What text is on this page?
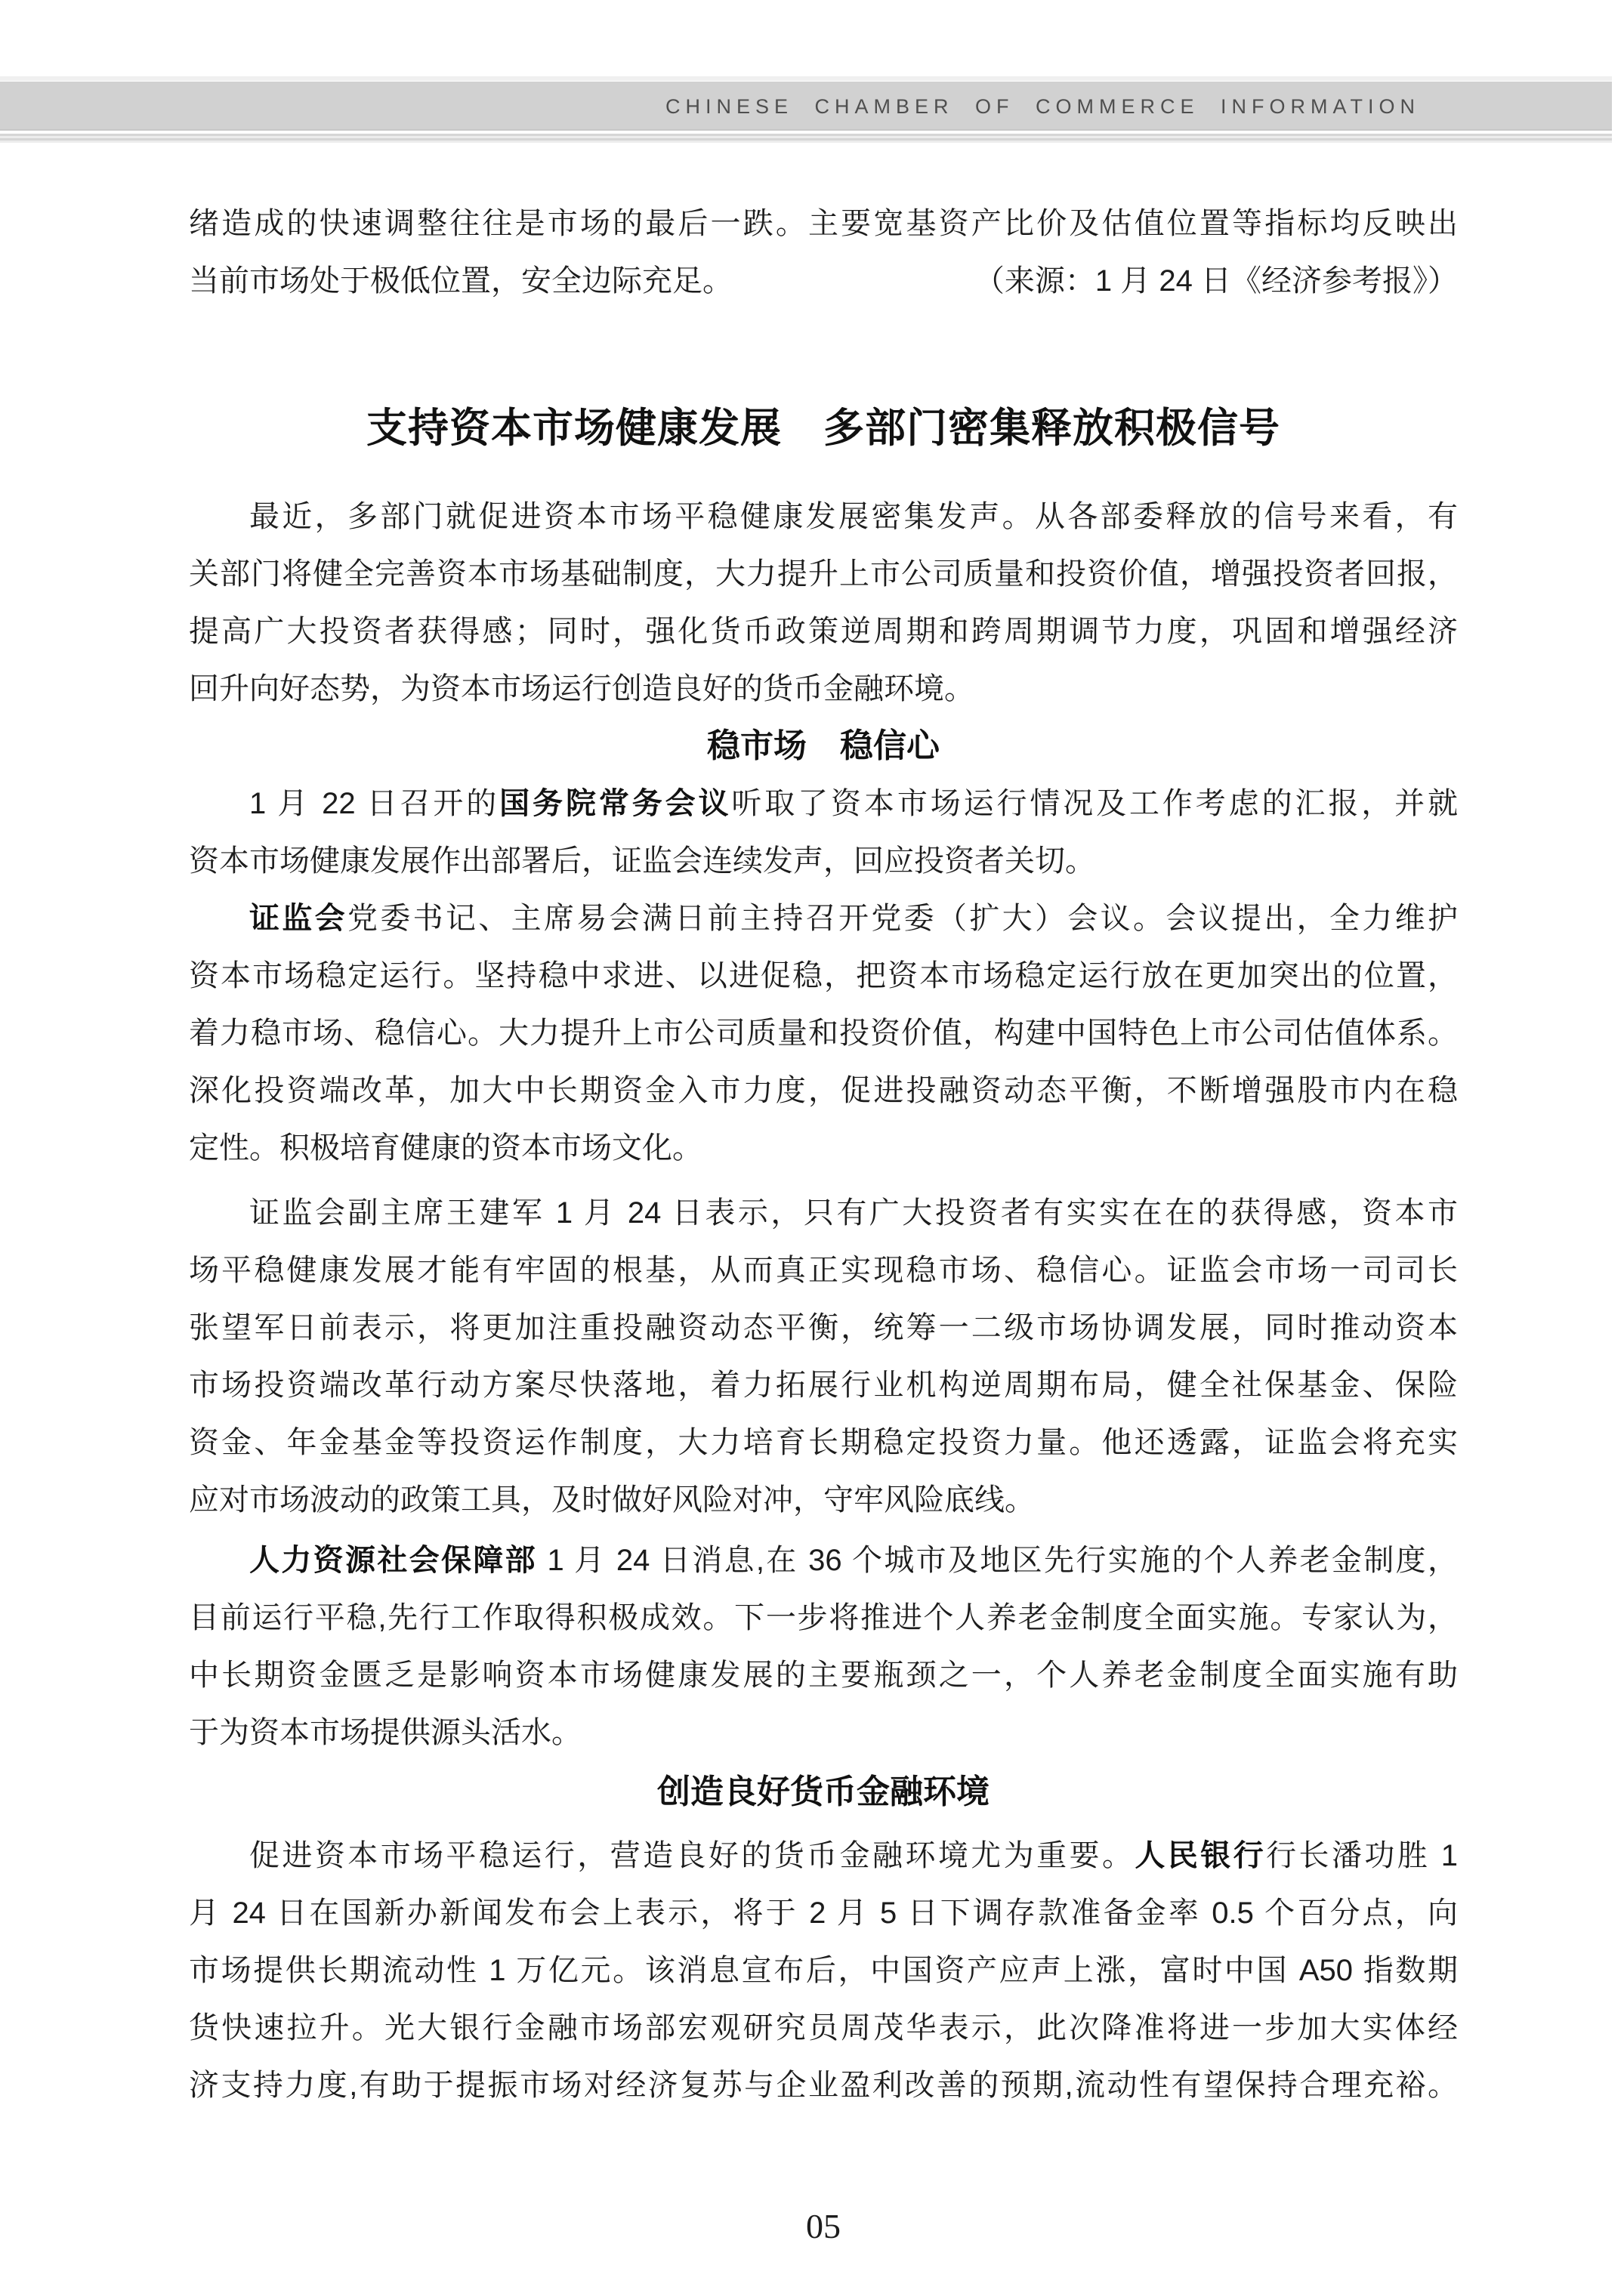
CHINESE CHAMBER OF COMMERCE INFORMATION
绪造成的快速调整往往是市场的最后一跌。主要宽基资产比价及估值位置等指标均反映出
当前市场处于极低位置，安全边际充足。	（来源：1 月 24 日《经济参考报》）
支持资本市场健康发展　多部门密集释放积极信号
最近，多部门就促进资本市场平稳健康发展密集发声。从各部委释放的信号来看，有
关部门将健全完善资本市场基础制度，大力提升上市公司质量和投资价值，增强投资者回报，
提高广大投资者获得感；同时，强化货币政策逆周期和跨周期调节力度，巩固和增强经济
回升向好态势，为资本市场运行创造良好的货币金融环境。
稳市场　稳信心
1 月 22 日召开的国务院常务会议听取了资本市场运行情况及工作考虑的汇报，并就
资本市场健康发展作出部署后，证监会连续发声，回应投资者关切。
证监会党委书记、主席易会满日前主持召开党委（扩大）会议。会议提出，全力维护
资本市场稳定运行。坚持稳中求进、以进促稳，把资本市场稳定运行放在更加突出的位置，
着力稳市场、稳信心。大力提升上市公司质量和投资价值，构建中国特色上市公司估值体系。
深化投资端改革，加大中长期资金入市力度，促进投融资动态平衡，不断增强股市内在稳
定性。积极培育健康的资本市场文化。
证监会副主席王建军 1 月 24 日表示，只有广大投资者有实实在在的获得感，资本市
场平稳健康发展才能有牢固的根基，从而真正实现稳市场、稳信心。证监会市场一司司长
张望军日前表示，将更加注重投融资动态平衡，统筹一二级市场协调发展，同时推动资本
市场投资端改革行动方案尽快落地，着力拓展行业机构逆周期布局，健全社保基金、保险
资金、年金基金等投资运作制度，大力培育长期稳定投资力量。他还透露，证监会将充实
应对市场波动的政策工具，及时做好风险对冲，守牢风险底线。
人力资源社会保障部 1 月 24 日消息,在 36 个城市及地区先行实施的个人养老金制度，
目前运行平稳,先行工作取得积极成效。下一步将推进个人养老金制度全面实施。专家认为，
中长期资金匮乏是影响资本市场健康发展的主要瓶颈之一，个人养老金制度全面实施有助
于为资本市场提供源头活水。
创造良好货币金融环境
促进资本市场平稳运行，营造良好的货币金融环境尤为重要。人民银行行长潘功胜 1
月 24 日在国新办新闻发布会上表示，将于 2 月 5 日下调存款准备金率 0.5 个百分点，向
市场提供长期流动性 1 万亿元。该消息宣布后，中国资产应声上涨，富时中国 A50 指数期
货快速拉升。光大银行金融市场部宏观研究员周茂华表示，此次降准将进一步加大实体经
济支持力度,有助于提振市场对经济复苏与企业盈利改善的预期,流动性有望保持合理充裕。
05
